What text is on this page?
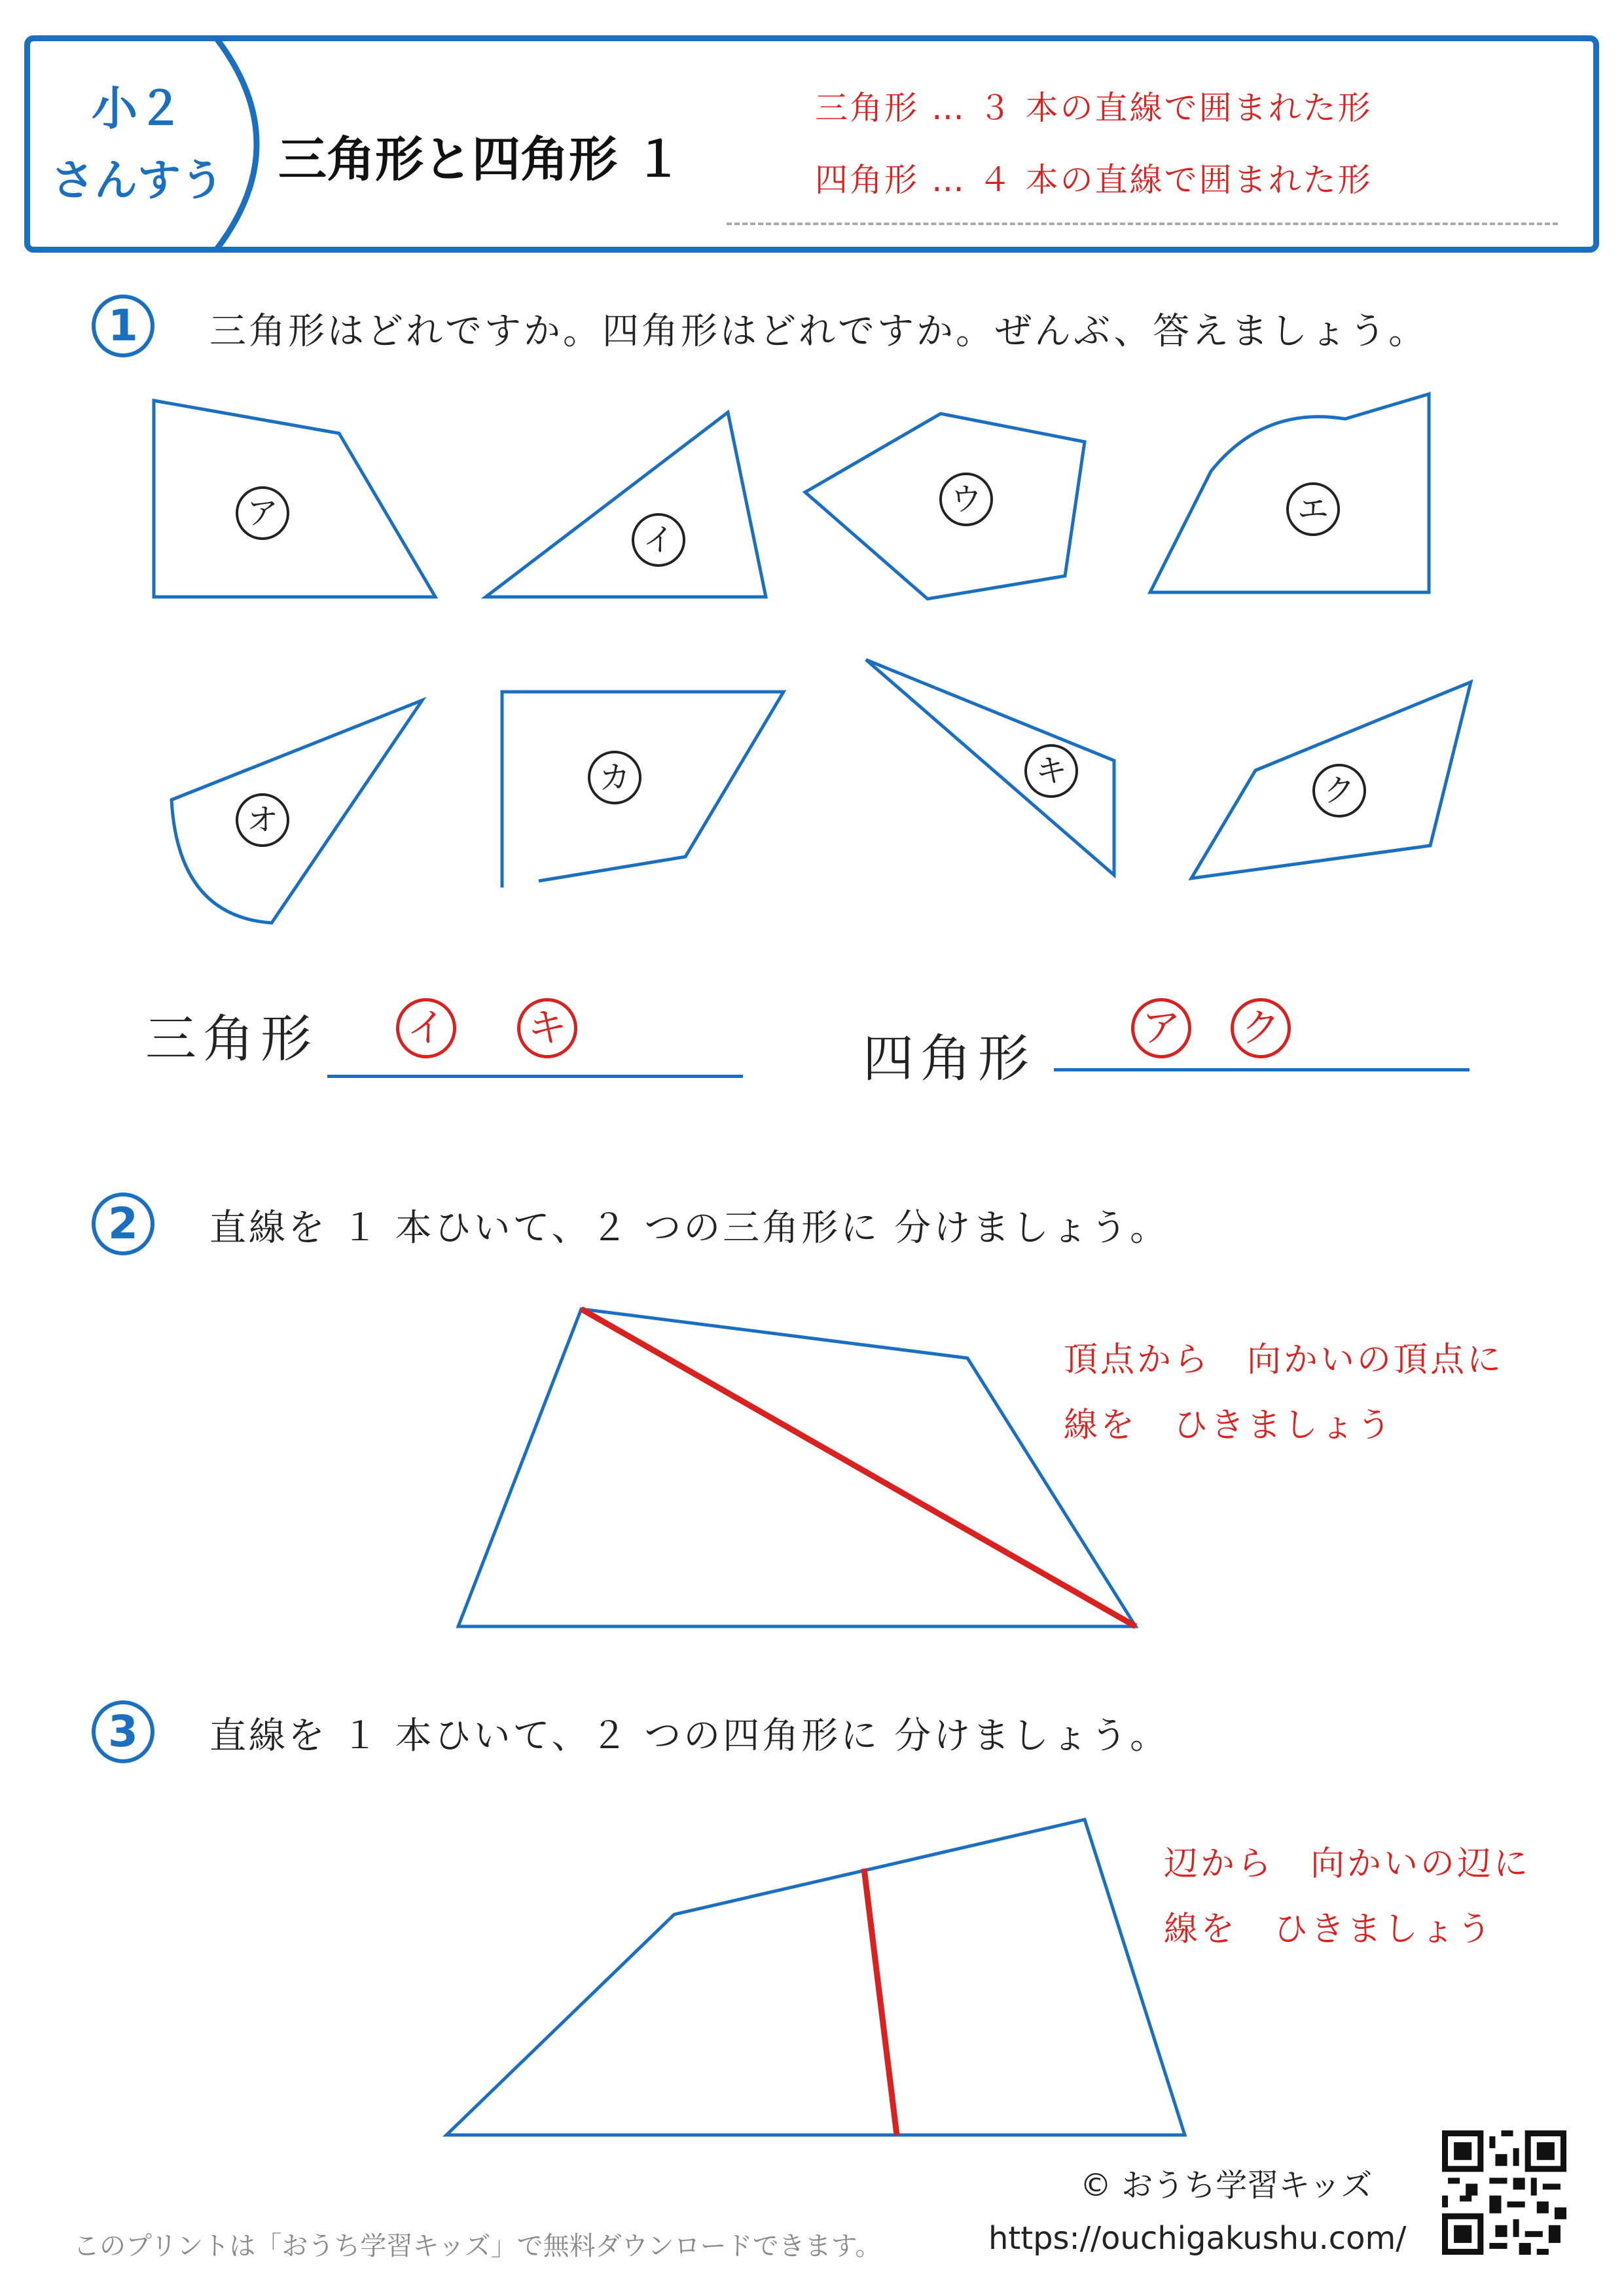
小２
さんすう 三角形と四角形 １
三角形 … ３ 本の直線で囲まれた形
四角形 … ４ 本の直線で囲まれた形
1	三角形はどれですか。四角形はどれですか。ぜんぶ、答えましょう。
ア
イ
ウ	エ
オ
カ	キ
ク
三角形 イ キ
四角形
ア ク
2	直線を １ 本ひいて、２ つの三角形に 分けましょう。
頂点から　向かいの頂点に
線を　ひきましょう
3	直線を １ 本ひいて、２ つの四角形に 分けましょう。
辺から　向かいの辺に
線を　ひきましょう
© おうち学習キッズ
https://ouchigakushu.com/
このプリントは「おうち学習キッズ」で無料ダウンロードできます。
